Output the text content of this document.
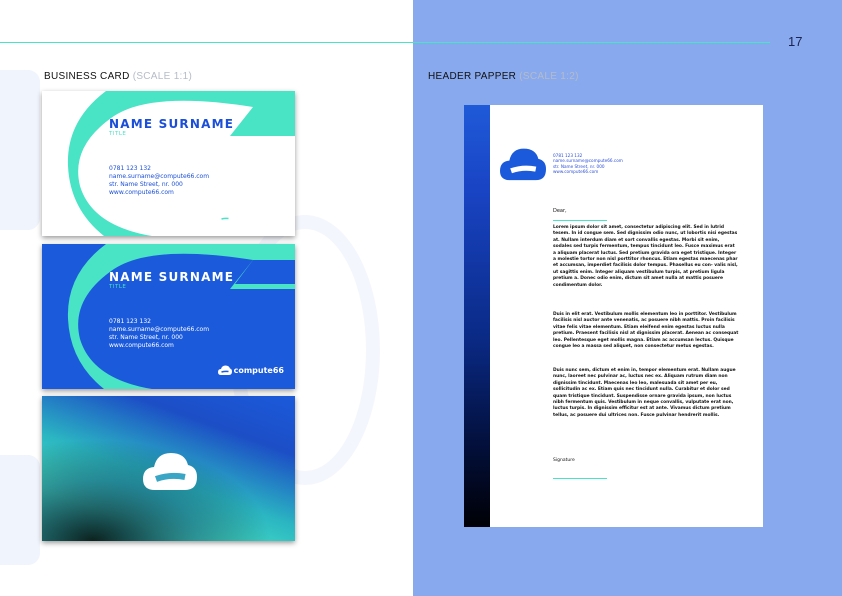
17
BUSINESS CARD (SCALE 1:1)	HEADER PAPPER (SCALE 1:2)
NAME SURNAME
TITLE
0781 123 132
name.surname@compute66.com
str. Name Street, nr. 000
www.compute66.com
compute66
NAME SURNAME
TITLE
0781 123 132
name.surname@compute66.com
str. Name Street, nr. 000
www.compute66.com
compute66
0781 123 132
name.surname@compute66.com
str. Name Street, nr. 000
www.compute66.com
Dear,
Lorem ipsum dolor sit amet, consectetur adipiscing elit. Sed in lutrid tesem. In id congue sem. Sed dignissim odio nunc, ut lobortis nisi egestas at. Nullam interdum diam et sort convallis egestas. Morbi sit enim, sodales sed turpis fermentum, tempus tincidunt leo. Fusce maximus erat a aliquam placerat luctus. Sed pretium gravida ora eget tristique. Integer a molestie tortor non nisl porttitor rhoncus. Etiam egestas maecenas phar et accumsan, imperdiet facilisis dolor tempus. Phasellus eu con- valis nisl, ut sagittis enim. Integer aliquam vestibulum turpis, at pretium ligula pretium a. Donec odio enim, dictum sit amet nulla at mattis posuere condimentum dolor.
Duis in elit erat. Vestibulum mollis elementum leo in porttitor. Vestibulum facilisis nisl auctor ante venenatis, ac posuere nibh mattis. Proin facilisis vitae felis vitae elementum. Etiam eleifend enim egestas luctus nulla pretium. Praesent facilisis nisl at dignissim placerat. Aenean ac consequat leo. Pellentesque eget mollis magna. Etiam ac accumsan lectus. Quisque congue leo a massa sed aliquet, non consectetur metus egestas.
Duis nunc sem, dictum et enim in, tempor elementum erat. Nullam augue nunc, laoreet nec pulvinar ac, luctus nec ex. Aliquam rutrum diam non dignissim tincidunt. Maecenas leo leo, malesuada sit amet per eu, sollicitudin ac ex. Etiam quis nec tincidunt nulla. Curabitur et dolor sed quam tristique tincidunt. Suspendisse ornare gravida ipsum, non luctus nibh fermentum quis. Vestibulum in neque convallis, vulputate erat non, luctus turpis. In dignissim efficitur est at ante. Vivamus dictum pretium tellus, ac posuere dui ultrices non. Fusce pulvinar hendrerit mollis.
Signature
